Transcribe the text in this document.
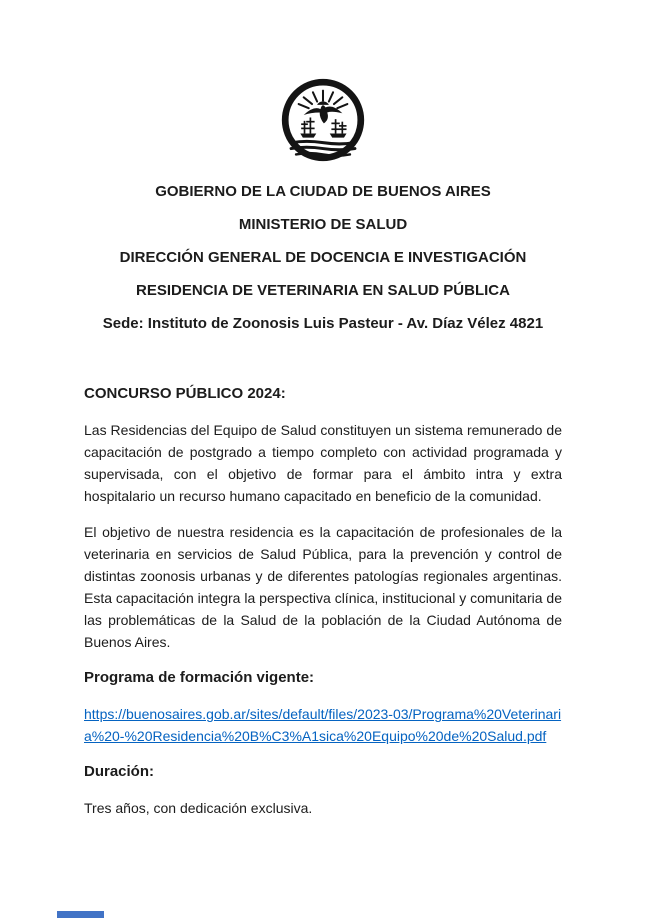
GOBIERNO DE LA CIUDAD DE BUENOS AIRES
MINISTERIO DE SALUD
DIRECCIÓN GENERAL DE DOCENCIA E INVESTIGACIÓN
RESIDENCIA DE VETERINARIA EN SALUD PÚBLICA
Sede: Instituto de Zoonosis Luis Pasteur - Av. Díaz Vélez 4821

CONCURSO PÚBLICO 2024:

Las Residencias del Equipo de Salud constituyen un sistema remunerado de capacitación de postgrado a tiempo completo con actividad programada y supervisada, con el objetivo de formar para el ámbito intra y extra hospitalario un recurso humano capacitado en beneficio de la comunidad.

El objetivo de nuestra residencia es la capacitación de profesionales de la veterinaria en servicios de Salud Pública, para la prevención y control de distintas zoonosis urbanas y de diferentes patologías regionales argentinas. Esta capacitación integra la perspectiva clínica, institucional y comunitaria de las problemáticas de la Salud de la población de la Ciudad Autónoma de Buenos Aires.

Programa de formación vigente:

https://buenosaires.gob.ar/sites/default/files/2023-03/Programa%20Veterinaria%20-%20Residencia%20B%C3%A1sica%20Equipo%20de%20Salud.pdf

Duración:

Tres años, con dedicación exclusiva.
